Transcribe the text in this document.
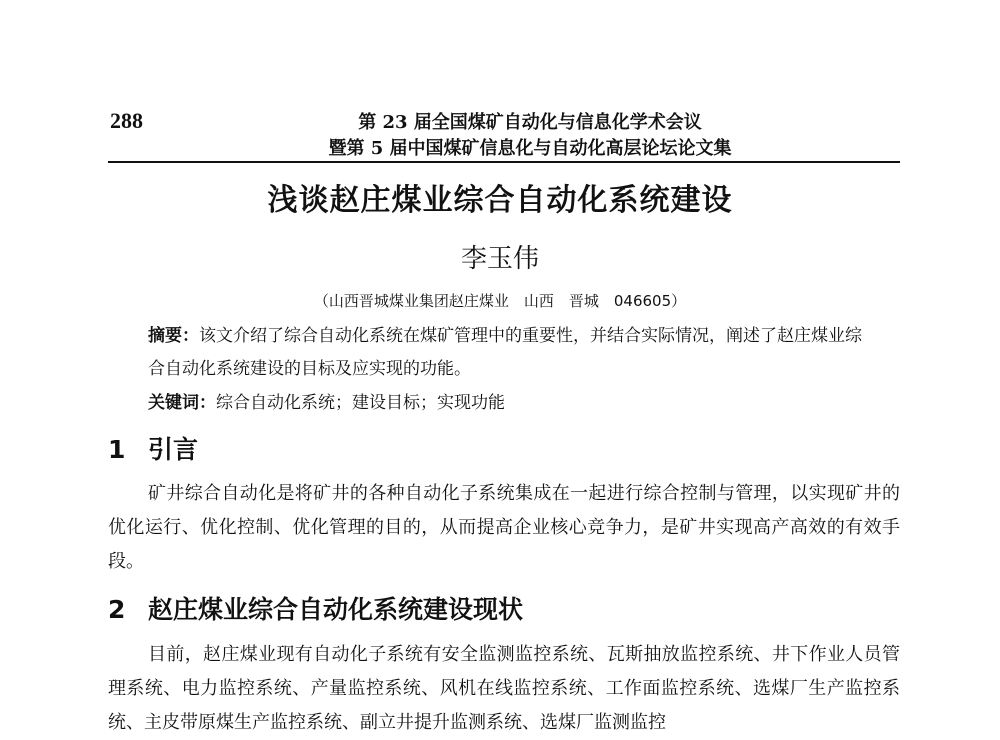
288	第 23 届全国煤矿自动化与信息化学术会议
暨第 5 届中国煤矿信息化与自动化高层论坛论文集
浅谈赵庄煤业综合自动化系统建设
李玉伟
（山西晋城煤业集团赵庄煤业　山西　晋城　046605）
摘要：该文介绍了综合自动化系统在煤矿管理中的重要性，并结合实际情况，阐述了赵庄煤业综合自动化系统建设的目标及应实现的功能。
关键词：综合自动化系统；建设目标；实现功能
1 引言
矿井综合自动化是将矿井的各种自动化子系统集成在一起进行综合控制与管理，以实现矿井的优化运行、优化控制、优化管理的目的，从而提高企业核心竞争力，是矿井实现高产高效的有效手段。
2 赵庄煤业综合自动化系统建设现状
目前，赵庄煤业现有自动化子系统有安全监测监控系统、瓦斯抽放监控系统、井下作业人员管理系统、电力监控系统、产量监控系统、风机在线监控系统、工作面监控系统、选煤厂生产监控系统、主皮带原煤生产监控系统、副立井提升监测系统、选煤厂监测监控
